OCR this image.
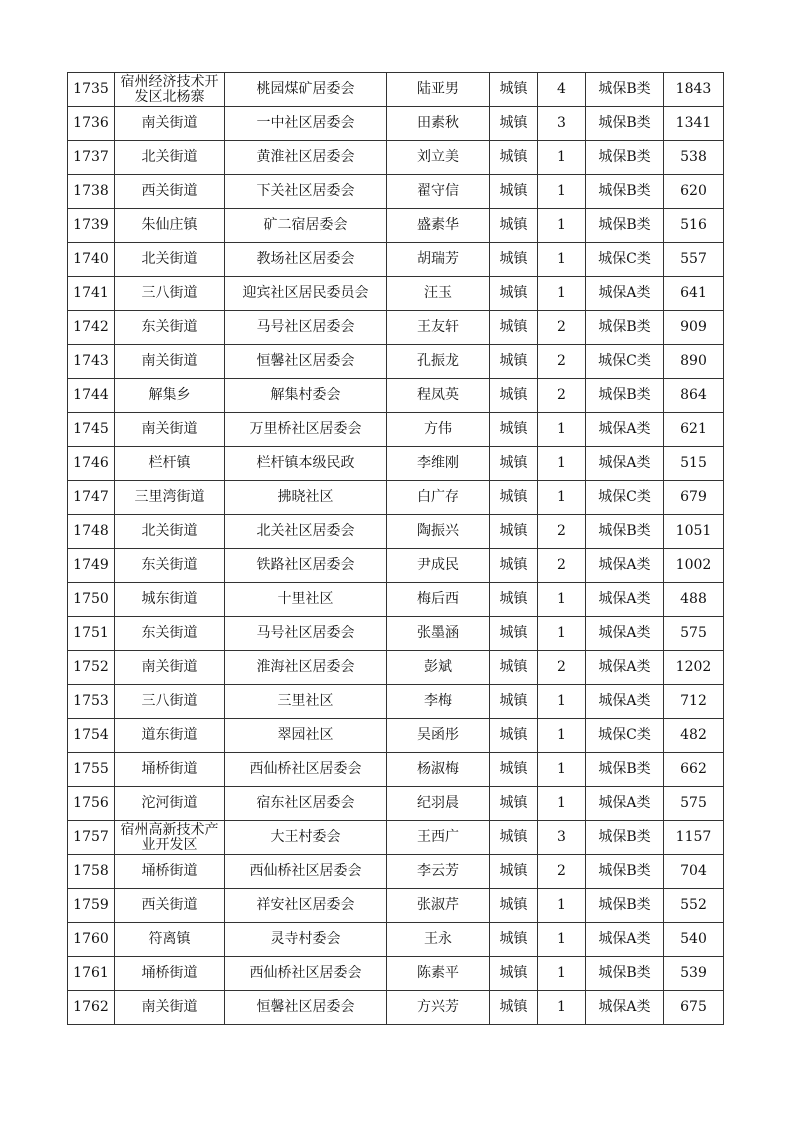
1735	宿州经济技术开发区北杨寨	桃园煤矿居委会	陆亚男	城镇	4	城保B类	1843
1736	南关街道	一中社区居委会	田素秋	城镇	3	城保B类	1341
1737	北关街道	黄淮社区居委会	刘立美	城镇	1	城保B类	538
1738	西关街道	下关社区居委会	翟守信	城镇	1	城保B类	620
1739	朱仙庄镇	矿二宿居委会	盛素华	城镇	1	城保B类	516
1740	北关街道	教场社区居委会	胡瑞芳	城镇	1	城保C类	557
1741	三八街道	迎宾社区居民委员会	汪玉	城镇	1	城保A类	641
1742	东关街道	马号社区居委会	王友轩	城镇	2	城保B类	909
1743	南关街道	恒馨社区居委会	孔振龙	城镇	2	城保C类	890
1744	解集乡	解集村委会	程凤英	城镇	2	城保B类	864
1745	南关街道	万里桥社区居委会	方伟	城镇	1	城保A类	621
1746	栏杆镇	栏杆镇本级民政	李维刚	城镇	1	城保A类	515
1747	三里湾街道	拂晓社区	白广存	城镇	1	城保C类	679
1748	北关街道	北关社区居委会	陶振兴	城镇	2	城保B类	1051
1749	东关街道	铁路社区居委会	尹成民	城镇	2	城保A类	1002
1750	城东街道	十里社区	梅后西	城镇	1	城保A类	488
1751	东关街道	马号社区居委会	张墨涵	城镇	1	城保A类	575
1752	南关街道	淮海社区居委会	彭斌	城镇	2	城保A类	1202
1753	三八街道	三里社区	李梅	城镇	1	城保A类	712
1754	道东街道	翠园社区	吴函彤	城镇	1	城保C类	482
1755	埇桥街道	西仙桥社区居委会	杨淑梅	城镇	1	城保B类	662
1756	沱河街道	宿东社区居委会	纪羽晨	城镇	1	城保A类	575
1757	宿州高新技术产业开发区	大王村委会	王西广	城镇	3	城保B类	1157
1758	埇桥街道	西仙桥社区居委会	李云芳	城镇	2	城保B类	704
1759	西关街道	祥安社区居委会	张淑芹	城镇	1	城保B类	552
1760	符离镇	灵寺村委会	王永	城镇	1	城保A类	540
1761	埇桥街道	西仙桥社区居委会	陈素平	城镇	1	城保B类	539
1762	南关街道	恒馨社区居委会	方兴芳	城镇	1	城保A类	675
